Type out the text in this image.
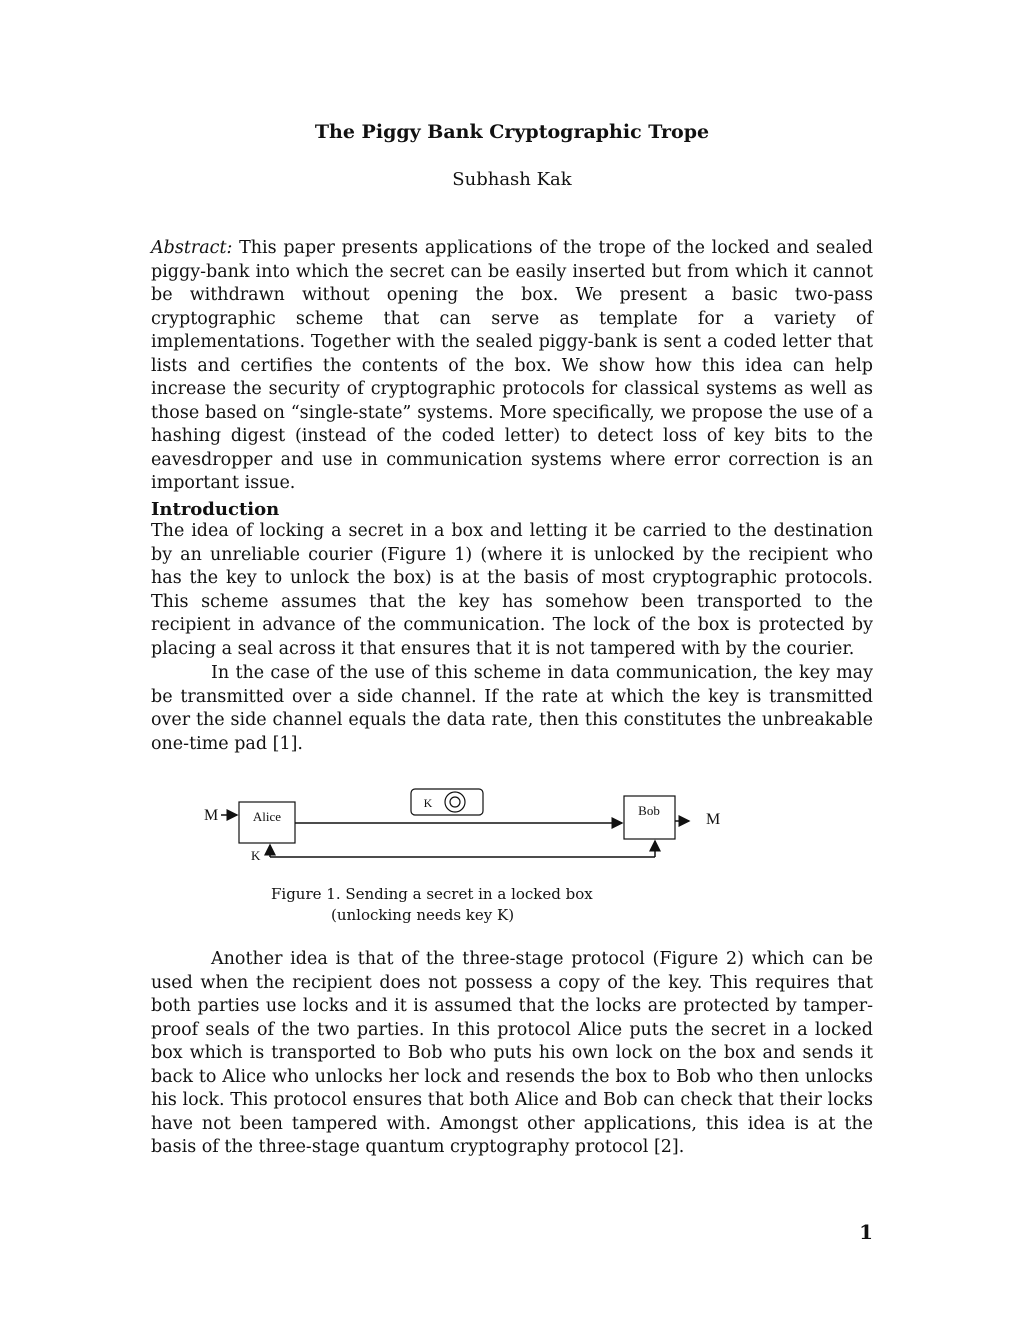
The Piggy Bank Cryptographic Trope
Subhash Kak

Abstract: This paper presents applications of the trope of the locked and sealed piggy-bank into which the secret can be easily inserted but from which it cannot be withdrawn without opening the box. We present a basic two-pass cryptographic scheme that can serve as template for a variety of implementations. Together with the sealed piggy-bank is sent a coded letter that lists and certifies the contents of the box. We show how this idea can help increase the security of cryptographic protocols for classical systems as well as those based on “single-state” systems. More specifically, we propose the use of a hashing digest (instead of the coded letter) to detect loss of key bits to the eavesdropper and use in communication systems where error correction is an important issue.

Introduction

The idea of locking a secret in a box and letting it be carried to the destination by an unreliable courier (Figure 1) (where it is unlocked by the recipient who has the key to unlock the box) is at the basis of most cryptographic protocols. This scheme assumes that the key has somehow been transported to the recipient in advance of the communication. The lock of the box is protected by placing a seal across it that ensures that it is not tampered with by the courier.

In the case of the use of this scheme in data communication, the key may be transmitted over a side channel. If the rate at which the key is transmitted over the side channel equals the data rate, then this constitutes the unbreakable one-time pad [1].

M	Alice
K	Bob
M
K
Figure 1. Sending a secret in a locked box
(unlocking needs key K)

Another idea is that of the three-stage protocol (Figure 2) which can be used when the recipient does not possess a copy of the key. This requires that both parties use locks and it is assumed that the locks are protected by tamper-proof seals of the two parties. In this protocol Alice puts the secret in a locked box which is transported to Bob who puts his own lock on the box and sends it back to Alice who unlocks her lock and resends the box to Bob who then unlocks his lock. This protocol ensures that both Alice and Bob can check that their locks have not been tampered with. Amongst other applications, this idea is at the basis of the three-stage quantum cryptography protocol [2].

1
